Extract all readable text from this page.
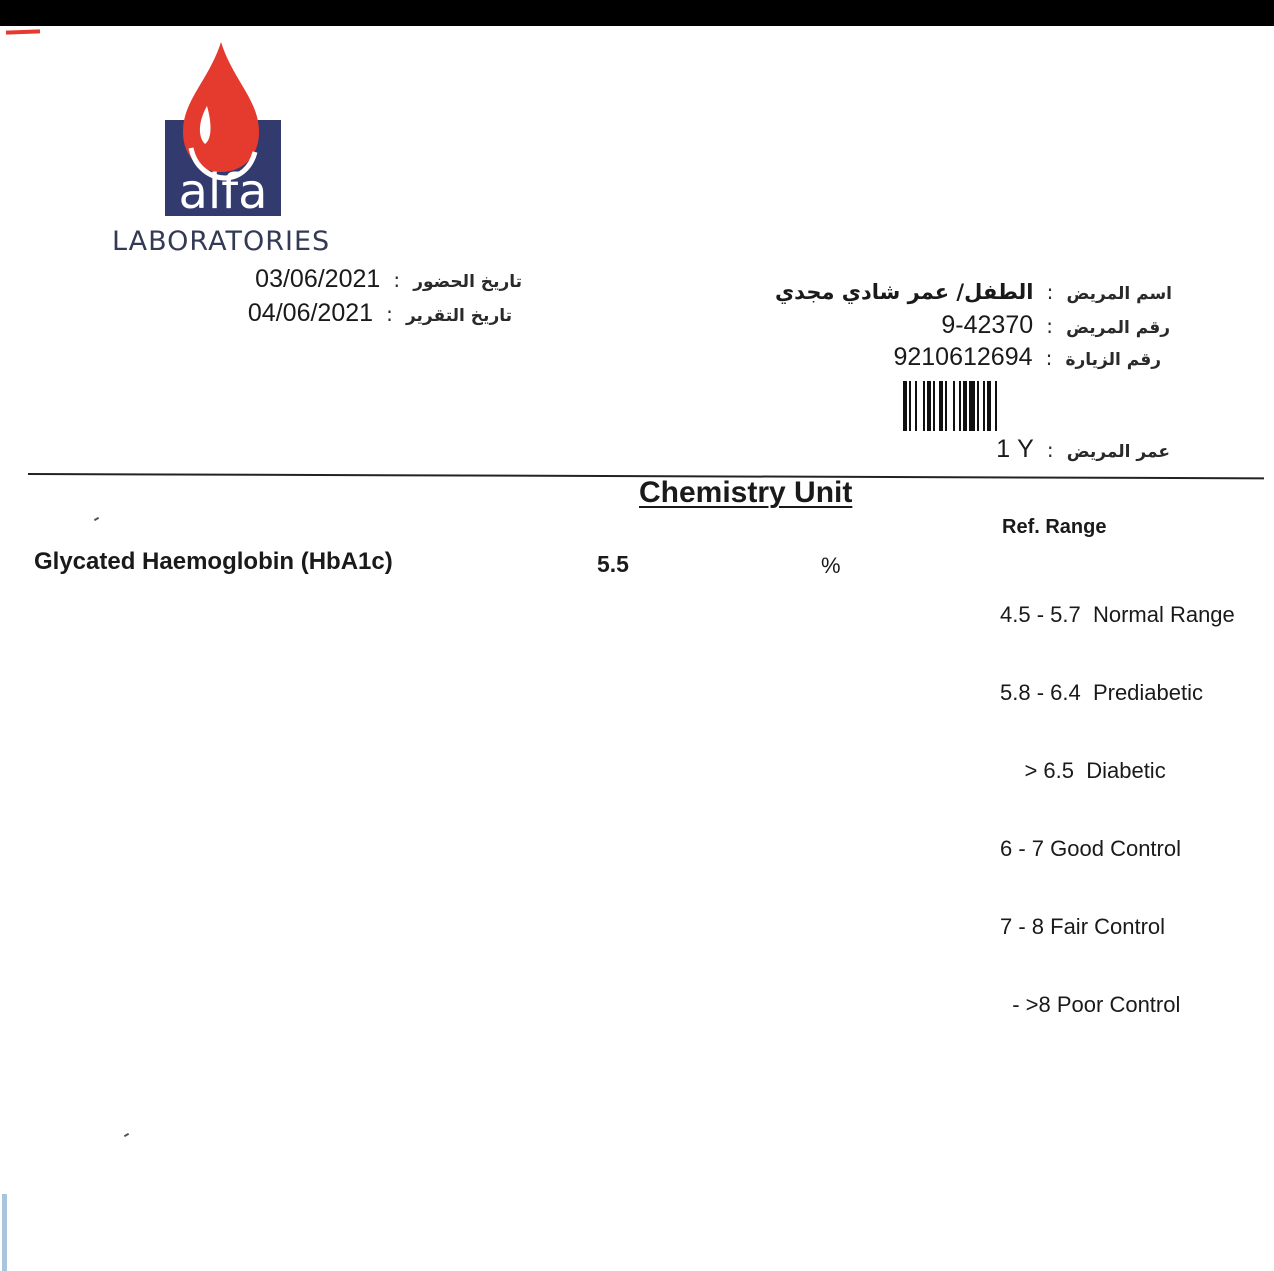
alfa
LABORATORIES
تاريخ الحضور : 03/06/2021
تاريخ التقرير : 04/06/2021
اسم المريض : الطفل/ عمر شادي مجدي
رقم المريض : 9-42370
رقم الزيارة : 9210612694
عمر المريض : 1 Y
Chemistry Unit
Ref. Range
Glycated Haemoglobin (HbA1c)	5.5	%

4.5 - 5.7  Normal Range

5.8 - 6.4  Prediabetic

> 6.5  Diabetic

6 - 7 Good Control

7 - 8 Fair Control

- >8 Poor Control
